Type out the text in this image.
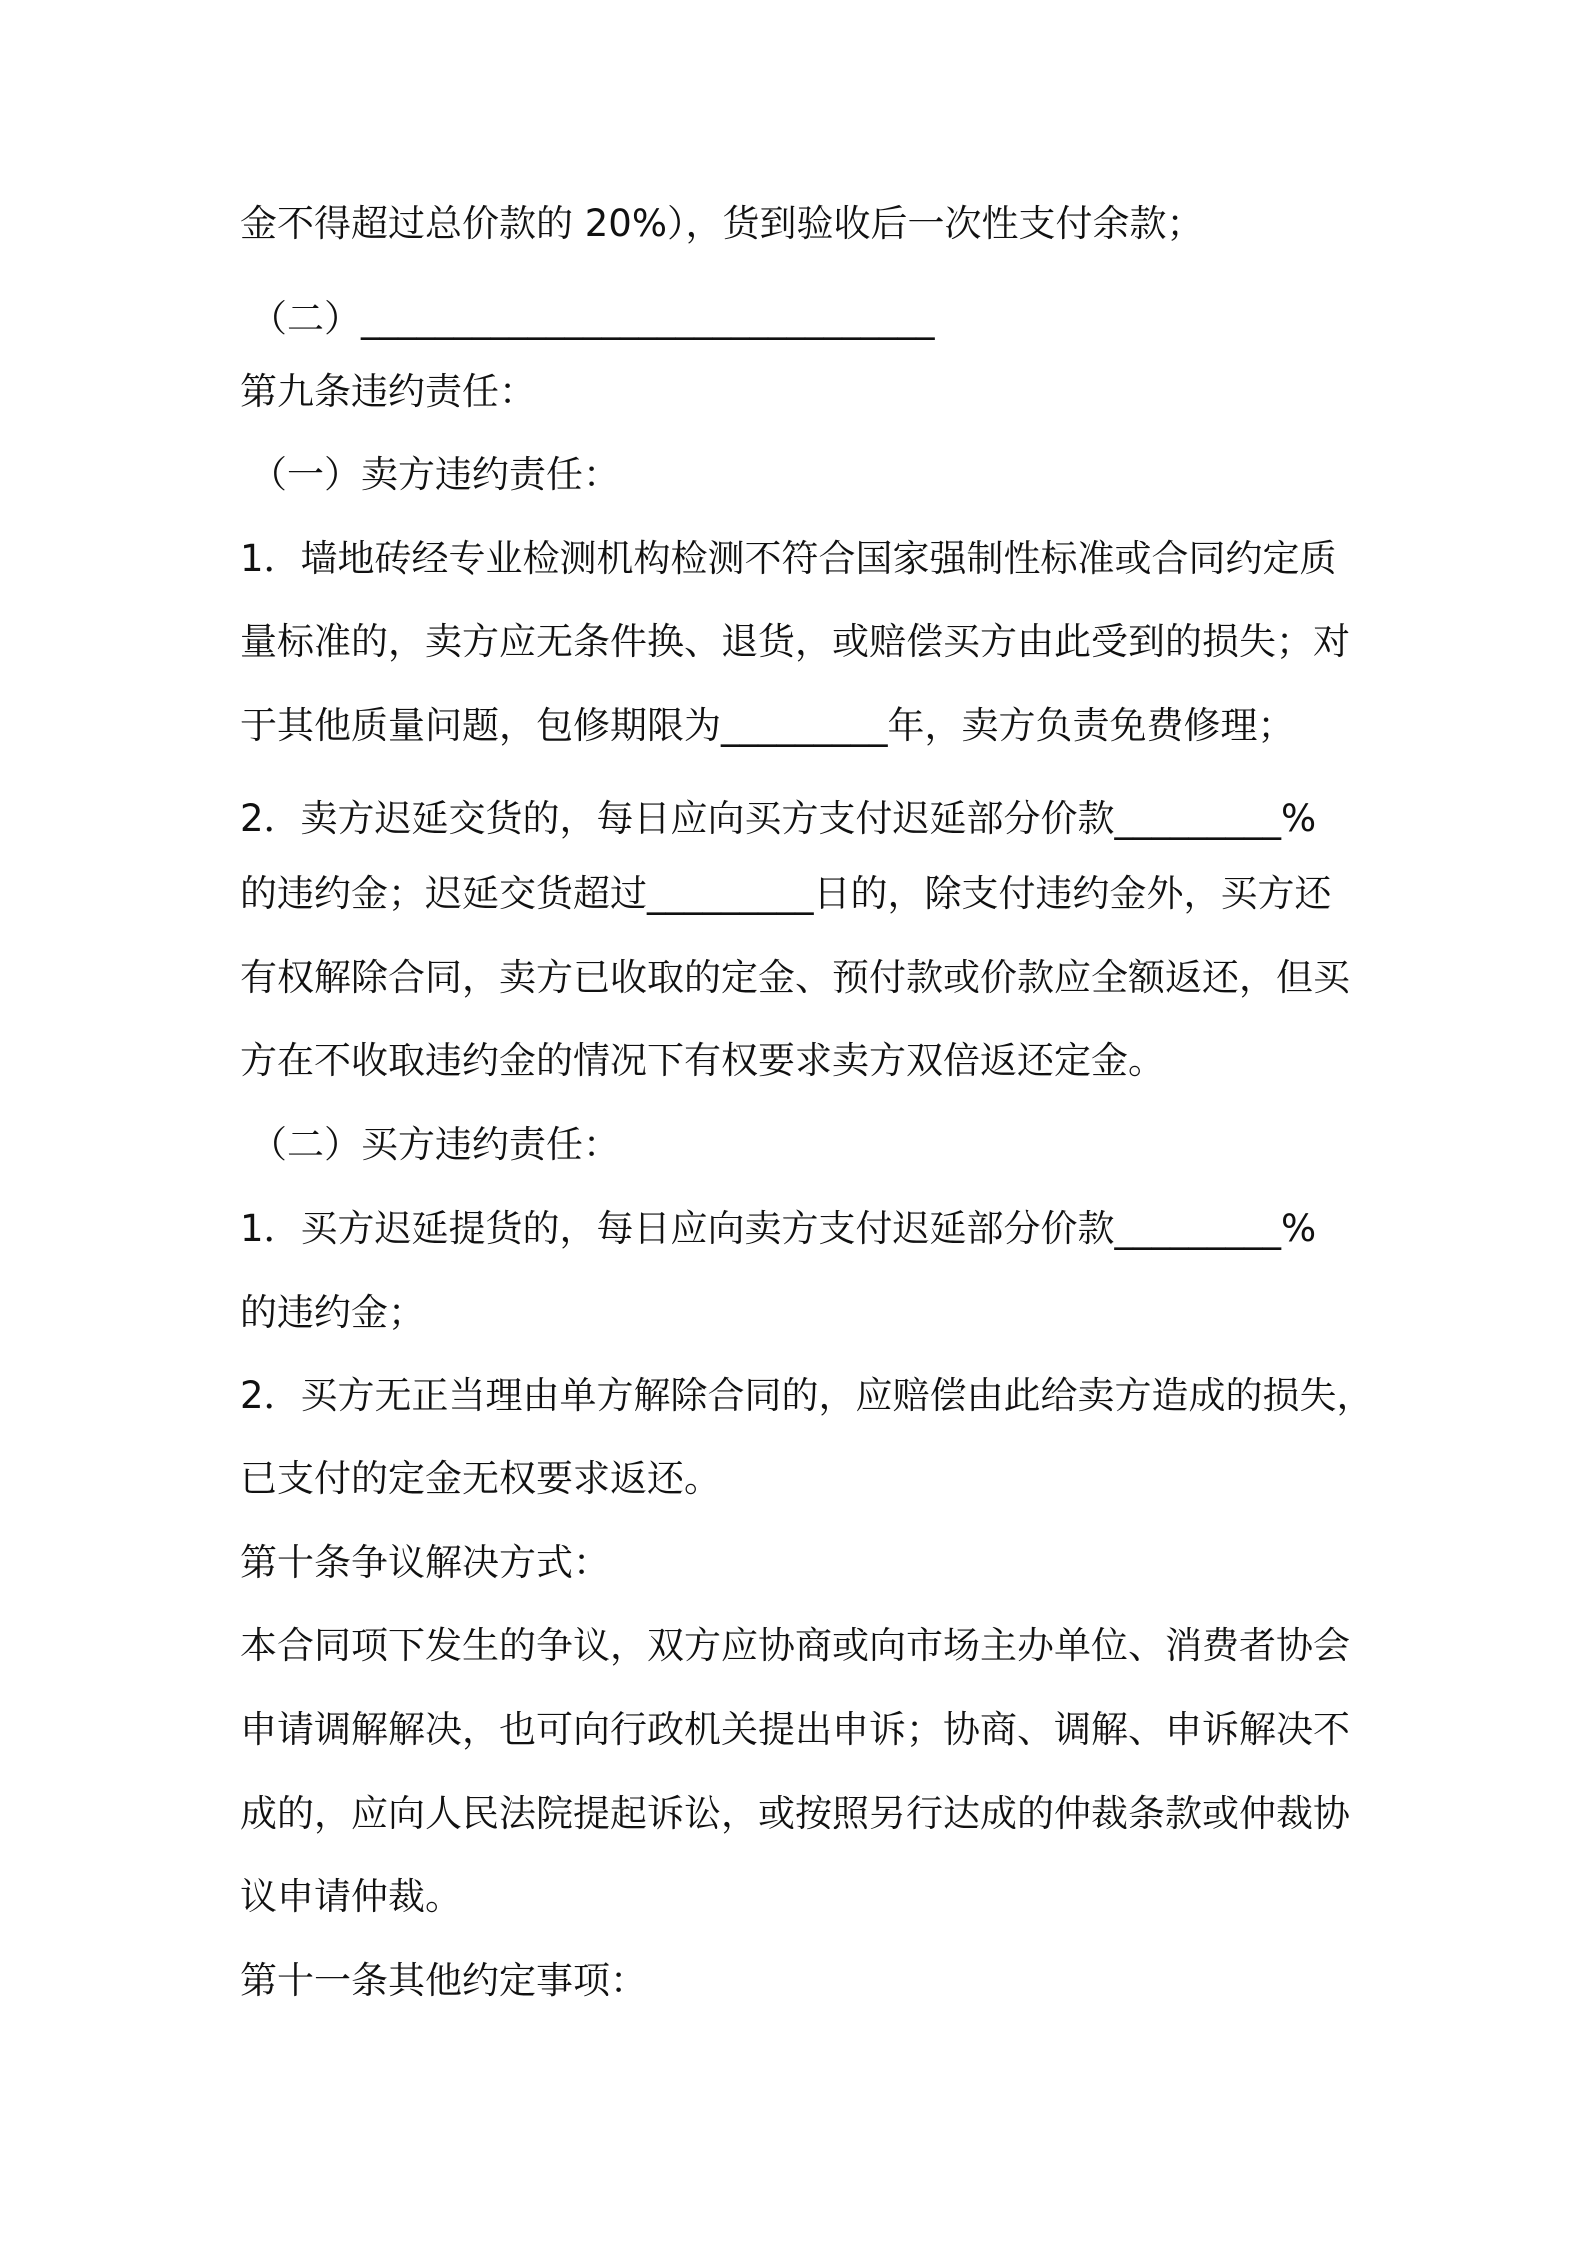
金不得超过总价款的 20%），货到验收后一次性支付余款；
（二）_______________________________
第九条违约责任：
（一）卖方违约责任：
1．墙地砖经专业检测机构检测不符合国家强制性标准或合同约定质
量标准的，卖方应无条件换、退货，或赔偿买方由此受到的损失；对
于其他质量问题，包修期限为_________年，卖方负责免费修理；
2．卖方迟延交货的，每日应向买方支付迟延部分价款_________%
的违约金；迟延交货超过_________日的，除支付违约金外，买方还
有权解除合同，卖方已收取的定金、预付款或价款应全额返还，但买
方在不收取违约金的情况下有权要求卖方双倍返还定金。
（二）买方违约责任：
1．买方迟延提货的，每日应向卖方支付迟延部分价款_________%
的违约金；
2．买方无正当理由单方解除合同的，应赔偿由此给卖方造成的损失，
已支付的定金无权要求返还。
第十条争议解决方式：
本合同项下发生的争议，双方应协商或向市场主办单位、消费者协会
申请调解解决，也可向行政机关提出申诉；协商、调解、申诉解决不
成的，应向人民法院提起诉讼，或按照另行达成的仲裁条款或仲裁协
议申请仲裁。
第十一条其他约定事项：
